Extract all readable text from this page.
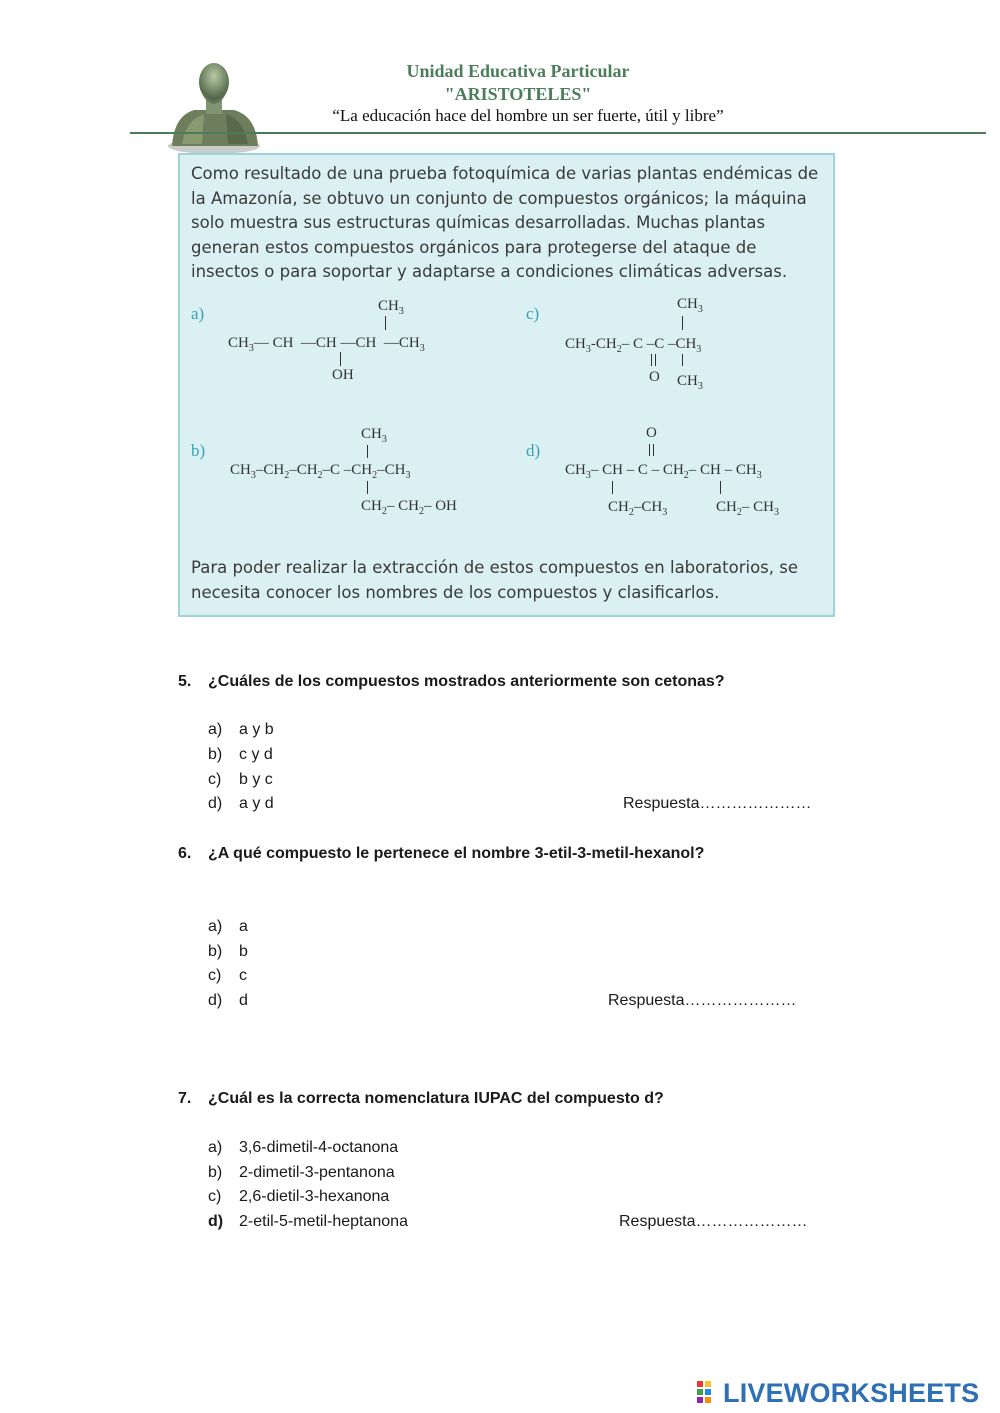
Unidad Educativa Particular
"ARISTOTELES"
“La educación hace del hombre un ser fuerte, útil y libre”
Como resultado de una prueba fotoquímica de varias plantas endémicas de la Amazonía, se obtuvo un conjunto de compuestos orgánicos; la máquina solo muestra sus estructuras químicas desarrolladas. Muchas plantas generan estos compuestos orgánicos para protegerse del ataque de insectos o para soportar y adaptarse a condiciones climáticas adversas.
a)	$CH_3$
$CH_3—$ CH  —CH —CH  $—CH_3$
OH
c)	$CH_3$
$CH_3-CH_2-$ C –C $-CH_3$
O $CH_3$
b)
$CH_3$
$CH_3-CH_2-CH_2-C$ $-CH_2-CH_3$
$CH_2-$ $CH_2-$ OH
d)
O
$CH_3-$ CH – C – $CH_2-$ CH – $CH_3$
$CH_2-CH_3$	$CH_2-$ $CH_3$
Para poder realizar la extracción de estos compuestos en laboratorios, se necesita conocer los nombres de los compuestos y clasificarlos.
5. ¿Cuáles de los compuestos mostrados anteriormente son cetonas?
a) a y b
b) c y d
c) b y c
d) a y d	Respuesta…………………
6. ¿A qué compuesto le pertenece el nombre 3-etil-3-metil-hexanol?
a) a
b) b
c) c
d) d	Respuesta…………………
7. ¿Cuál es la correcta nomenclatura IUPAC del compuesto d?
a) 3,6-dimetil-4-octanona
b) 2-dimetil-3-pentanona
c) 2,6-dietil-3-hexanona
d) 2-etil-5-metil-heptanona	Respuesta…………………
LIVEWORKSHEETS
